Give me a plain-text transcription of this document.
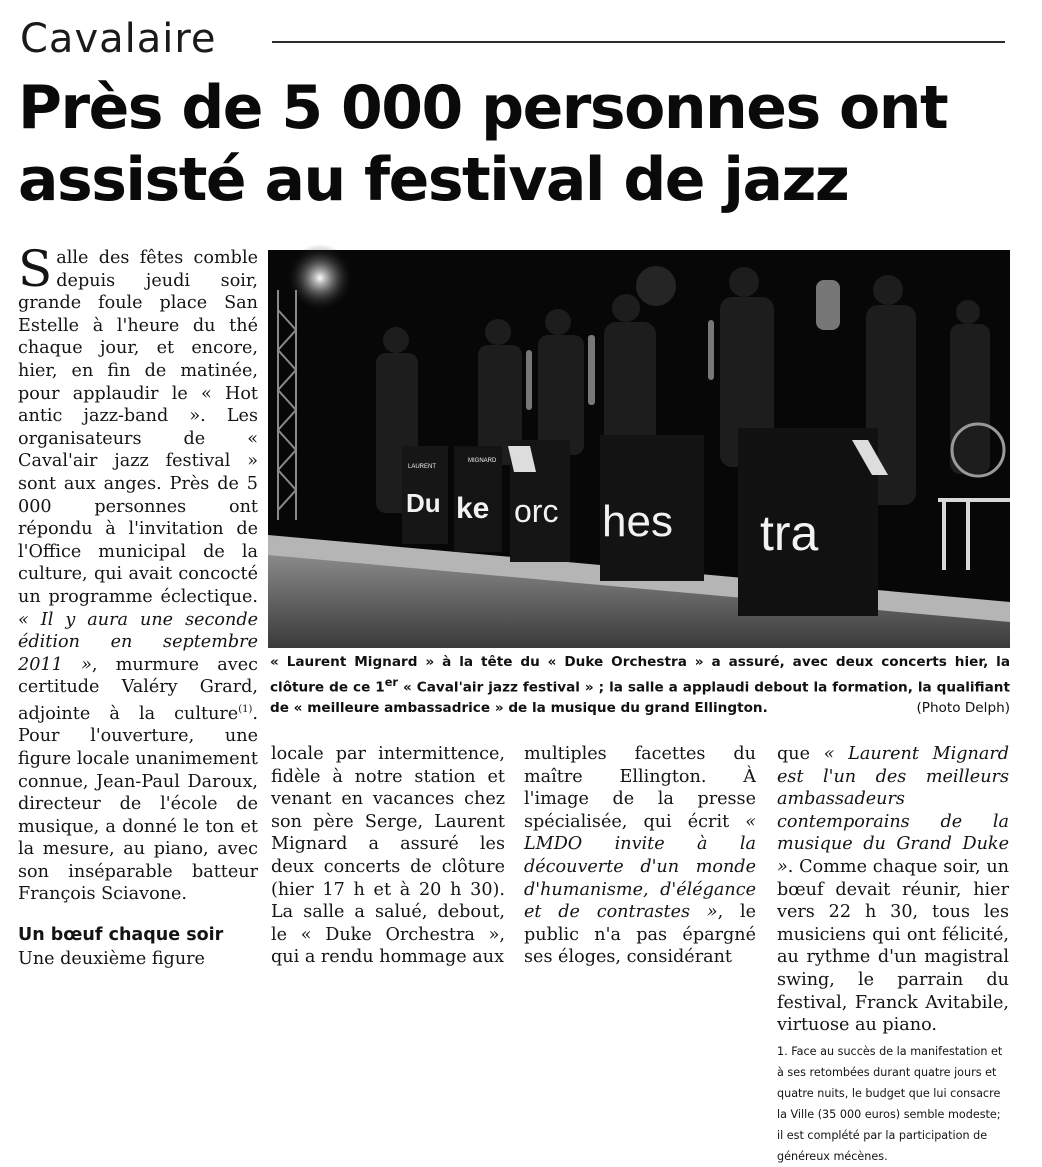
Cavalaire
Près de 5 000 personnes ont
assisté au festival de jazz

Salle des fêtes comble depuis jeudi soir, grande foule place San Estelle à l'heure du thé chaque jour, et encore, hier, en fin de matinée, pour applaudir le « Hot antic jazz-band ». Les organisateurs de « Caval'air jazz festival » sont aux anges. Près de 5 000 personnes ont répondu à l'invitation de l'Office municipal de la culture, qui avait concocté un programme éclectique. « Il y aura une seconde édition en septembre 2011 », murmure avec certitude Valéry Grard, adjointe à la culture$^{(1)}$. Pour l'ouverture, une figure locale unanimement connue, Jean-Paul Daroux, directeur de l'école de musique, a donné le ton et la mesure, au piano, avec son inséparable batteur François Sciavone.

Un bœuf chaque soir

Une deuxième figure

locale par intermittence, fidèle à notre station et venant en vacances chez son père Serge, Laurent Mignard a assuré les deux concerts de clôture (hier 17 h et à 20 h 30). La salle a salué, debout, le « Duke Orchestra », qui a rendu hommage aux

multiples facettes du maître Ellington. À l'image de la presse spécialisée, qui écrit « LMDO invite à la découverte d'un monde d'humanisme, d'élégance et de contrastes », le public n'a pas épargné ses éloges, considérant

que « Laurent Mignard est l'un des meilleurs ambassadeurs contemporains de la musique du Grand Duke ». Comme chaque soir, un bœuf devait réunir, hier vers 22 h 30, tous les musiciens qui ont félicité, au rythme d'un magistral swing, le parrain du festival, Franck Avitabile, virtuose au piano.

1. Face au succès de la manifestation et à ses retombées durant quatre jours et quatre nuits, le budget que lui consacre la Ville (35 000 euros) semble modeste; il est complété par la participation de généreux mécènes.

LAURENT
MIGNARD
Du ke orc hes tra

« Laurent Mignard » à la tête du « Duke Orchestra » a assuré, avec deux concerts hier, la clôture de ce 1er « Caval'air jazz festival » ; la salle a applaudi debout la formation, la qualifiant de « meilleure ambassadrice » de la musique du grand Ellington.	(Photo Delph)
